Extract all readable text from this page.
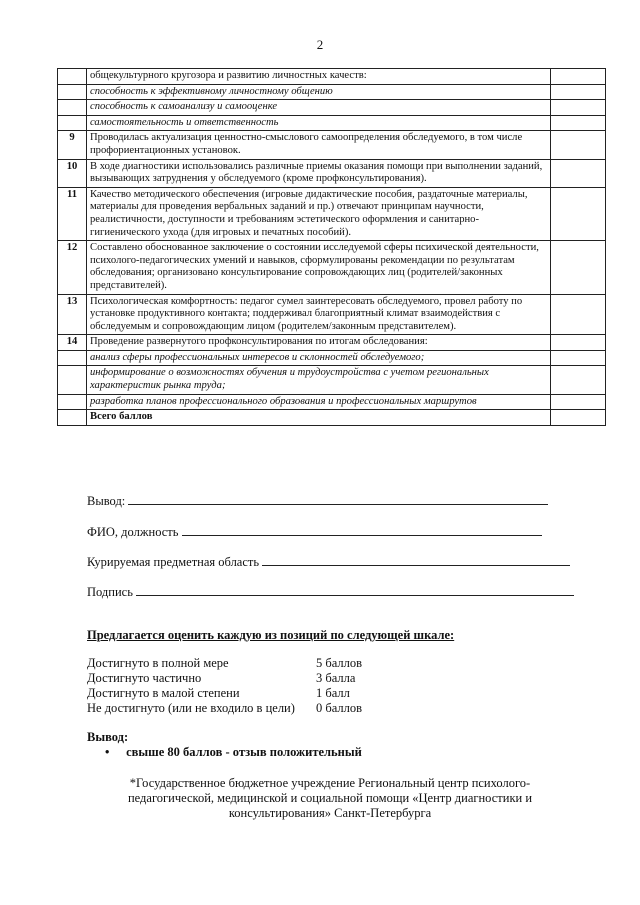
2
	общекультурного кругозора и развитию личностных качеств:	
	способность к эффективному личностному общению	
	способность к самоанализу и самооценке	
	самостоятельность и ответственность	
9	Проводилась актуализация ценностно-смыслового самоопределения обследуемого, в том числе профориентационных установок.	
10	В ходе диагностики использовались различные приемы оказания помощи при выполнении заданий, вызывающих затруднения у обследуемого (кроме профконсультирования).	
11	Качество методического обеспечения (игровые дидактические пособия, раздаточные материалы, материалы для проведения вербальных заданий и пр.) отвечают принципам научности, реалистичности, доступности и требованиям эстетического оформления и санитарно-гигиенического ухода (для игровых и печатных пособий).	
12	Составлено обоснованное заключение о состоянии исследуемой сферы психической деятельности, психолого-педагогических умений и навыков, сформулированы рекомендации по результатам обследования; организовано консультирование сопровождающих лиц (родителей/законных представителей).	
13	Психологическая комфортность: педагог сумел заинтересовать обследуемого, провел работу по установке продуктивного контакта; поддерживал благоприятный климат взаимодействия с обследуемым и сопровождающим лицом (родителем/законным представителем).	
14	Проведение развернутого профконсультирования по итогам обследования:	
	анализ сферы профессиональных интересов и склонностей обследуемого;	
	информирование о возможностях обучения и трудоустройства с учетом региональных характеристик рынка труда;	
	разработка планов профессионального образования и профессиональных маршрутов	
	Всего баллов	
Вывод:
ФИО, должность
Курируемая предметная область
Подпись
Предлагается оценить каждую из позиций по следующей шкале:
Достигнуто в полной мере	5 баллов
Достигнуто частично	3 балла
Достигнуто в малой степени	1 балл
Не достигнуто (или не входило в цели)	0 баллов
Вывод:
• свыше 80 баллов - отзыв положительный
*Государственное бюджетное учреждение Региональный центр психолого-педагогической, медицинской и социальной помощи «Центр диагностики и консультирования» Санкт-Петербурга
